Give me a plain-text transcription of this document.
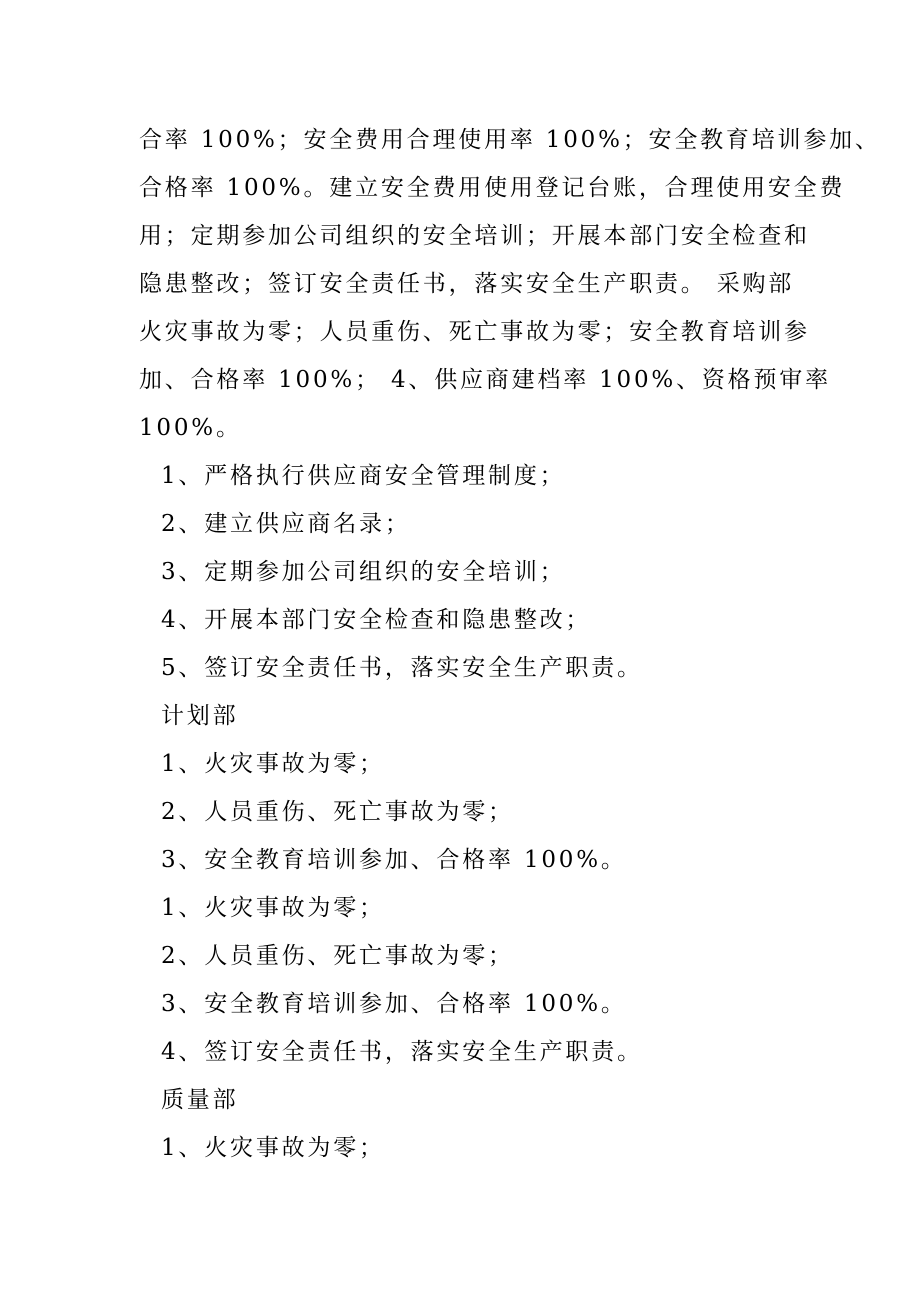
合率 100%；安全费用合理使用率 100%；安全教育培训参加、
合格率 100%。建立安全费用使用登记台账，合理使用安全费
用；定期参加公司组织的安全培训；开展本部门安全检查和
隐患整改；签订安全责任书，落实安全生产职责。 采购部
火灾事故为零；人员重伤、死亡事故为零；安全教育培训参
加、合格率 100%； 4、供应商建档率 100%、资格预审率
100%。
1、严格执行供应商安全管理制度；
2、建立供应商名录；
3、定期参加公司组织的安全培训；
4、开展本部门安全检查和隐患整改；
5、签订安全责任书，落实安全生产职责。
计划部
1、火灾事故为零；
2、人员重伤、死亡事故为零；
3、安全教育培训参加、合格率 100%。
1、火灾事故为零；
2、人员重伤、死亡事故为零；
3、安全教育培训参加、合格率 100%。
4、签订安全责任书，落实安全生产职责。
质量部
1、火灾事故为零；
